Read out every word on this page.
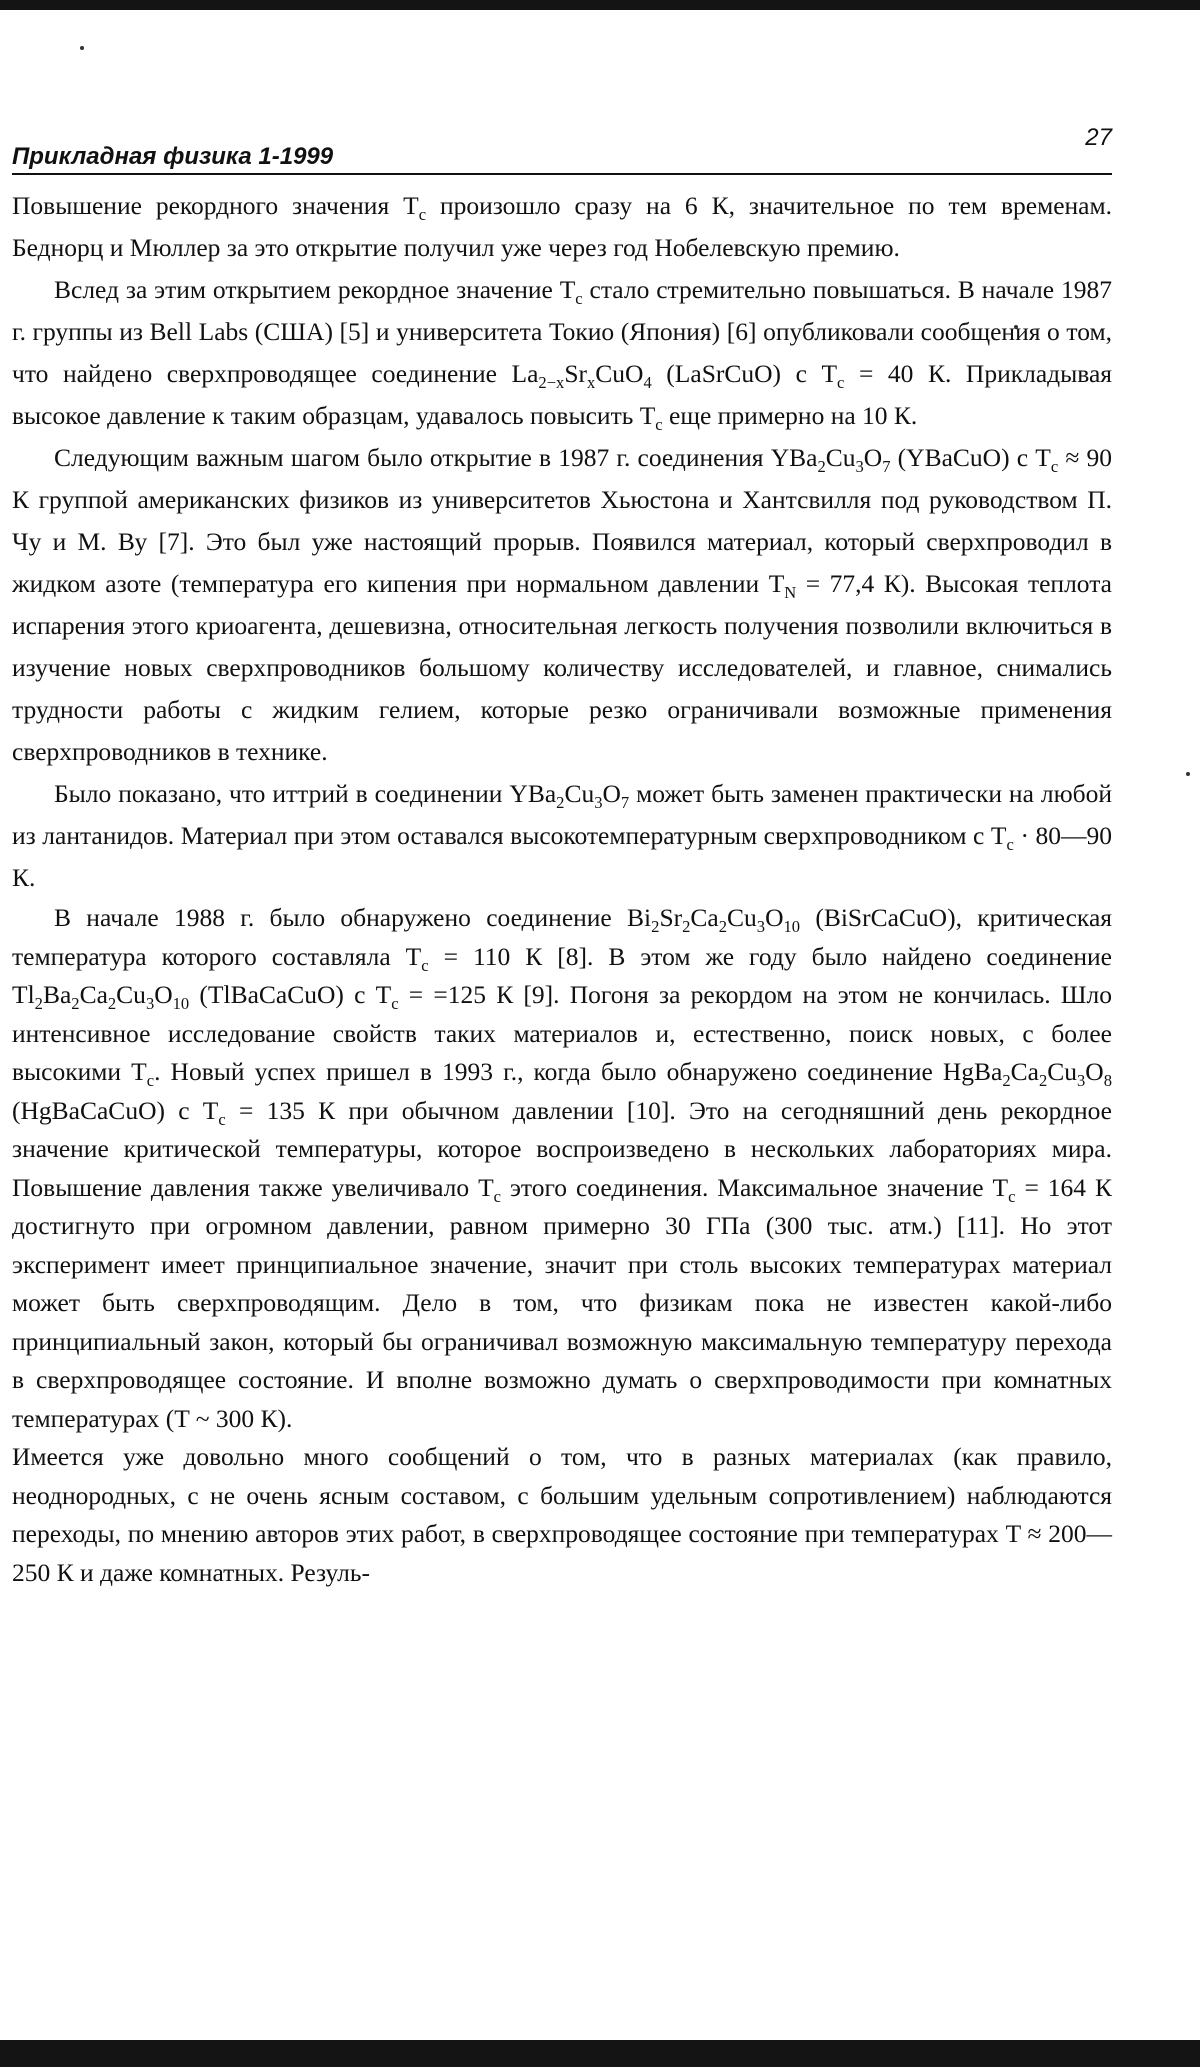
Прикладная физика 1-1999
27

Повышение рекордного значения $T_c$ произошло сразу на 6 К, значительное по тем временам. Беднорц и Мюллер за это открытие получил уже через год Нобелевскую премию.

Вслед за этим открытием рекордное значение $T_c$ стало стремительно повышаться. В начале 1987 г. группы из Bell Labs (США) [5] и университета Токио (Япония) [6] опубликовали сообщения о том, что найдено сверхпроводящее соединение $La_{2-x}Sr_xCuO_4$ (LaSrCuO) с $T_c = 40$ К. Прикладывая высокое давление к таким образцам, удавалось повысить $T_c$ еще примерно на 10 К.

Следующим важным шагом было открытие в 1987 г. соединения $YBa_2Cu_3O_7$ (YBaCuO) с $T_c \approx 90$ К группой американских физиков из университетов Хьюстона и Хантсвилля под руководством П. Чу и М. Ву [7]. Это был уже настоящий прорыв. Появился материал, который сверхпроводил в жидком азоте (температура его кипения при нормальном давлении $T_N = 77,4$ К). Высокая теплота испарения этого криоагента, дешевизна, относительная легкость получения позволили включиться в изучение новых сверхпроводников большому количеству исследователей, и главное, снимались трудности работы с жидким гелием, которые резко ограничивали возможные применения сверхпроводников в технике.

Было показано, что иттрий в соединении $YBa_2Cu_3O_7$ может быть заменен практически на любой из лантанидов. Материал при этом оставался высокотемпературным сверхпроводником с $T_c$ · 80—90 К.

В начале 1988 г. было обнаружено соединение $Bi_2Sr_2Ca_2Cu_3O_{10}$ (BiSrCaCuO), критическая температура которого составляла $T_c = 110$ К [8]. В этом же году было найдено соединение $Tl_2Ba_2Ca_2Cu_3O_{10}$ (TlBaCaCuO) с $T_c = =125$ К [9]. Погоня за рекордом на этом не кончилась. Шло интенсивное исследование свойств таких материалов и, естественно, поиск новых, с более высокими $T_c$. Новый успех пришел в 1993 г., когда было обнаружено соединение $HgBa_2Ca_2Cu_3O_8$ (HgBaCaCuO) с $T_c = 135$ К при обычном давлении [10]. Это на сегодняшний день рекордное значение критической температуры, которое воспроизведено в нескольких лабораториях мира. Повышение давления также увеличивало $T_c$ этого соединения. Максимальное значение $T_c = 164$ К достигнуто при огромном давлении, равном примерно 30 ГПа (300 тыс. атм.) [11]. Но этот эксперимент имеет принципиальное значение, значит при столь высоких температурах материал может быть сверхпроводящим. Дело в том, что физикам пока не известен какой-либо принципиальный закон, который бы ограничивал возможную максимальную температуру перехода в сверхпроводящее состояние. И вполне возможно думать о сверхпроводимости при комнатных температурах (T ~ 300 К).

Имеется уже довольно много сообщений о том, что в разных материалах (как правило, неоднородных, с не очень ясным составом, с большим удельным сопротивлением) наблюдаются переходы, по мнению авторов этих работ, в сверхпроводящее состояние при температурах T ≈ 200—250 К и даже комнатных. Резуль-
